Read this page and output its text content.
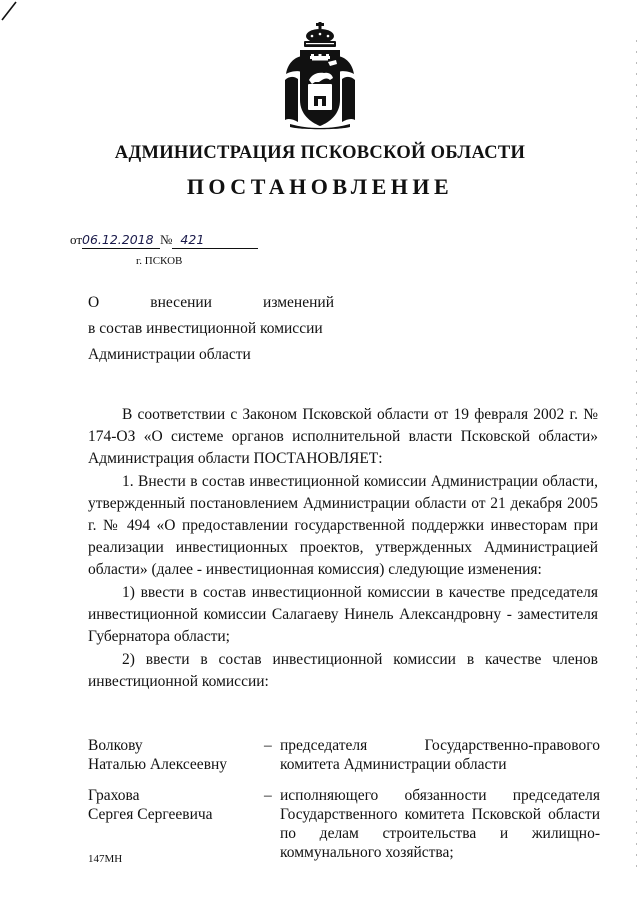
АДМИНИСТРАЦИЯ ПСКОВСКОЙ ОБЛАСТИ
ПОСТАНОВЛЕНИЕ
от06.12.2018 № 421
г. ПСКОВ
О	внесении	изменений
в состав инвестиционной комиссии
Администрации области
В соответствии с Законом Псковской области от 19 февраля 2002 г. № 174-ОЗ «О системе органов исполнительной власти Псковской области» Администрация области ПОСТАНОВЛЯЕТ:
1. Внести в состав инвестиционной комиссии Администрации области, утвержденный постановлением Администрации области от 21 декабря 2005 г. № 494 «О предоставлении государственной поддержки инвесторам при реализации инвестиционных проектов, утвержденных Администрацией области» (далее - инвестиционная комиссия) следующие изменения:
1) ввести в состав инвестиционной комиссии в качестве председателя инвестиционной комиссии Салагаеву Нинель Александровну - заместителя Губернатора области;
2) ввести в состав инвестиционной комиссии в качестве членов инвестиционной комиссии:
Волкову
Наталью Алексеевну
– председателя Государственно-правового комитета Администрации области
Грахова
Сергея Сергеевича
– исполняющего обязанности председателя Государственного комитета Псковской области по делам строительства и жилищно-коммунального хозяйства;
147МН
